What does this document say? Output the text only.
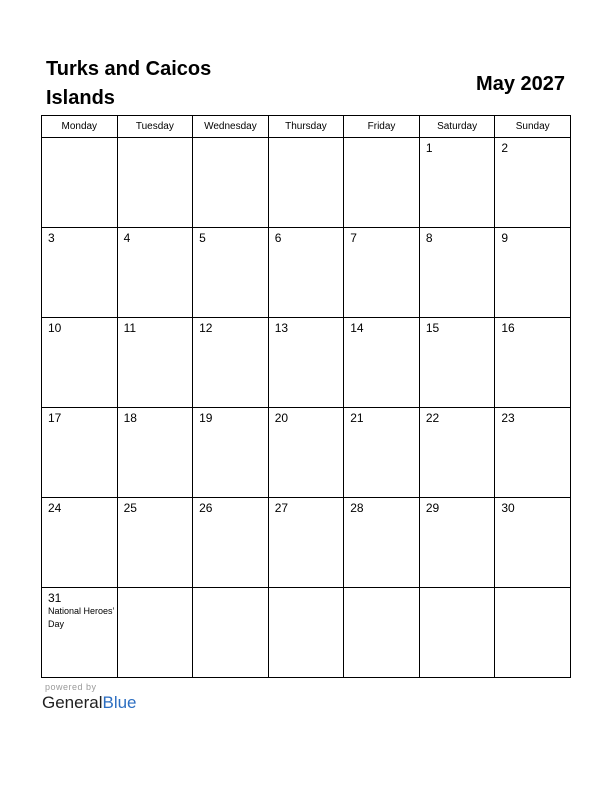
Turks and Caicos Islands
May 2027
Monday	Tuesday	Wednesday	Thursday	Friday	Saturday	Sunday

					1	2

3	4	5	6	7	8	9

10	11	12	13	14	15	16

17	18	19	20	21	22	23

24	25	26	27	28	29	30

31
National Heroes’ Day						

powered by
GeneralBlue
